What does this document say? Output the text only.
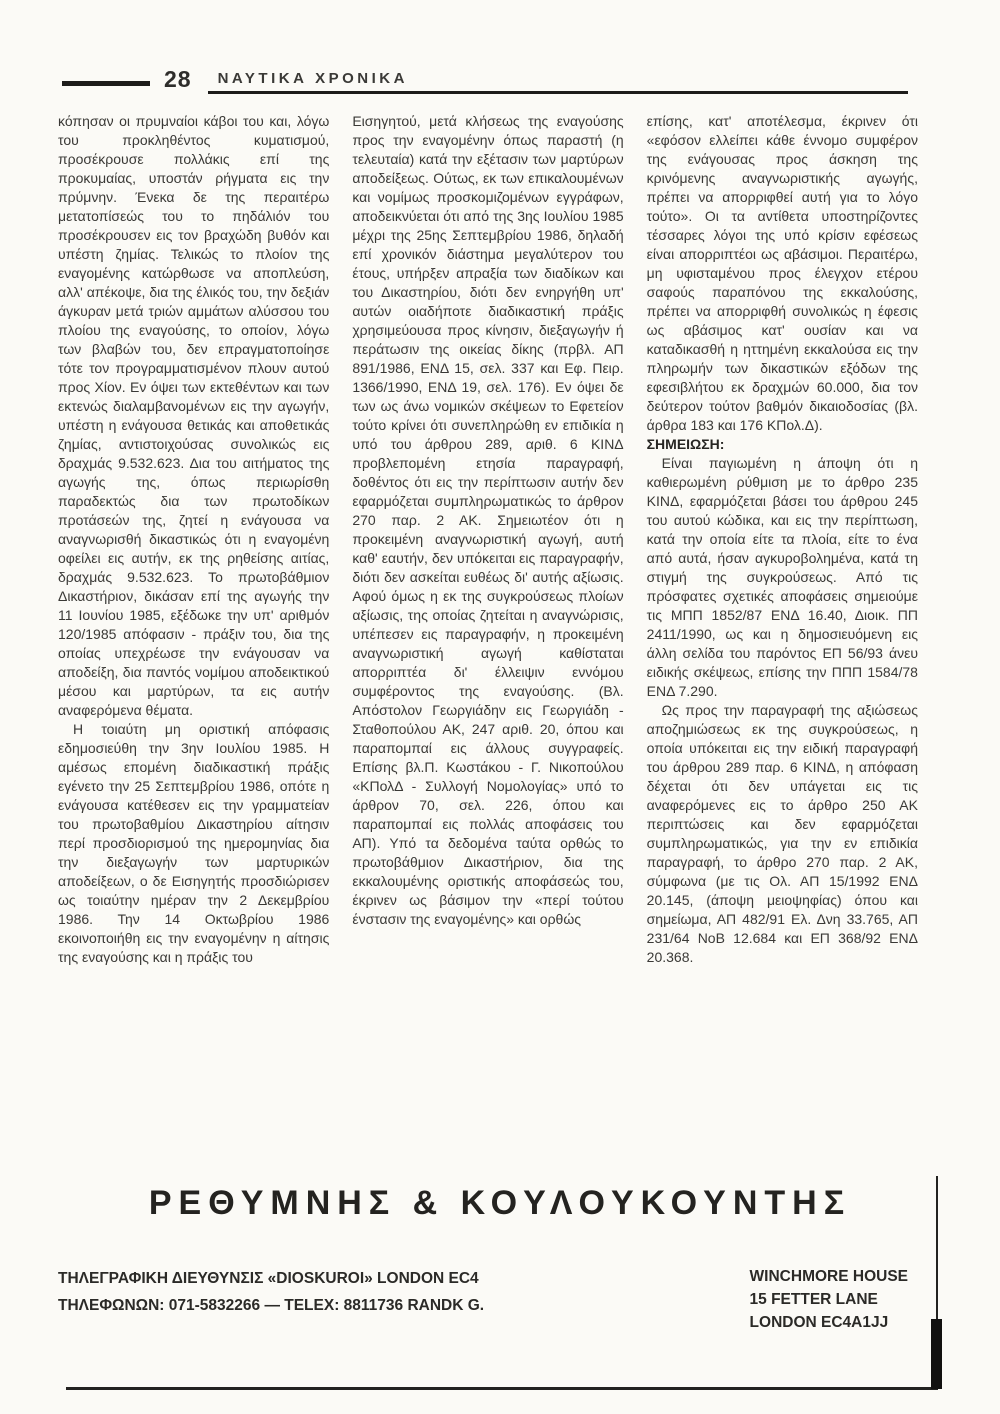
28	ΝΑΥΤΙΚΑ ΧΡΟΝΙΚΑ

κόπησαν οι πρυμναίοι κάβοι του και, λόγω του προκληθέντος κυματισμού, προσέκρουσε πολλάκις επί της προκυμαίας, υποστάν ρήγματα εις την πρύμνην. Ένεκα δε της περαιτέρω μετατοπίσεώς του το πηδάλιόν του προσέκρουσεν εις τον βραχώδη βυθόν και υπέστη ζημίας. Τελικώς το πλοίον της εναγομένης κατώρθωσε να αποπλεύση, αλλ' απέκοψε, δια της έλικός του, την δεξιάν άγκυραν μετά τριών αμμάτων αλύσσου του πλοίου της εναγούσης, το οποίον, λόγω των βλαβών του, δεν επραγματοποίησε τότε τον προγραμματισμένον πλουν αυτού προς Χίον. Εν όψει των εκτεθέντων και των εκτενώς διαλαμβανομένων εις την αγωγήν, υπέστη η ενάγουσα θετικάς και αποθετικάς ζημίας, αντιστοιχούσας συνολικώς εις δραχμάς 9.532.623. Δια του αιτήματος της αγωγής της, όπως περιωρίσθη παραδεκτώς δια των πρωτοδίκων προτάσεών της, ζητεί η ενάγουσα να αναγνωρισθή δικαστικώς ότι η εναγομένη οφείλει εις αυτήν, εκ της ρηθείσης αιτίας, δραχμάς 9.532.623. Το πρωτοβάθμιον Δικαστήριον, δικάσαν επί της αγωγής την 11 Ιουνίου 1985, εξέδωκε την υπ' αριθμόν 120/1985 απόφασιν - πράξιν του, δια της οποίας υπεχρέωσε την ενάγουσαν να αποδείξη, δια παντός νομίμου αποδεικτικού μέσου και μαρτύρων, τα εις αυτήν αναφερόμενα θέματα.

Η τοιαύτη μη οριστική απόφασις εδημοσιεύθη την 3ην Ιουλίου 1985. Η αμέσως επομένη διαδικαστική πράξις εγένετο την 25 Σεπτεμβρίου 1986, οπότε η ενάγουσα κατέθεσεν εις την γραμματείαν του πρωτοβαθμίου Δικαστηρίου αίτησιν περί προσδιορισμού της ημερομηνίας δια την διεξαγωγήν των μαρτυρικών αποδείξεων, ο δε Εισηγητής προσδιώρισεν ως τοιαύτην ημέραν την 2 Δεκεμβρίου 1986. Την 14 Οκτωβρίου 1986 εκοινοποιήθη εις την εναγομένην η αίτησις της εναγούσης και η πράξις του

Εισηγητού, μετά κλήσεως της εναγούσης προς την εναγομένην όπως παραστή (η τελευταία) κατά την εξέτασιν των μαρτύρων αποδείξεως. Ούτως, εκ των επικαλουμένων και νομίμως προσκομιζομένων εγγράφων, αποδεικνύεται ότι από της 3ης Ιουλίου 1985 μέχρι της 25ης Σεπτεμβρίου 1986, δηλαδή επί χρονικόν διάστημα μεγαλύτερον του έτους, υπήρξεν απραξία των διαδίκων και του Δικαστηρίου, διότι δεν ενηργήθη υπ' αυτών οιαδήποτε διαδικαστική πράξις χρησιμεύουσα προς κίνησιν, διεξαγωγήν ή περάτωσιν της οικείας δίκης (πρβλ. ΑΠ 891/1986, ΕΝΔ 15, σελ. 337 και Εφ. Πειρ. 1366/1990, ΕΝΔ 19, σελ. 176). Εν όψει δε των ως άνω νομικών σκέψεων το Εφετείον τούτο κρίνει ότι συνεπληρώθη εν επιδικία η υπό του άρθρου 289, αριθ. 6 ΚΙΝΔ προβλεπομένη ετησία παραγραφή, δοθέντος ότι εις την περίπτωσιν αυτήν δεν εφαρμόζεται συμπληρωματικώς το άρθρον 270 παρ. 2 ΑΚ. Σημειωτέον ότι η προκειμένη αναγνωριστική αγωγή, αυτή καθ' εαυτήν, δεν υπόκειται εις παραγραφήν, διότι δεν ασκείται ευθέως δι' αυτής αξίωσις. Αφού όμως η εκ της συγκρούσεως πλοίων αξίωσις, της οποίας ζητείται η αναγνώρισις, υπέπεσεν εις παραγραφήν, η προκειμένη αναγνωριστική αγωγή καθίσταται απορριπτέα δι' έλλειψιν εννόμου συμφέροντος της εναγούσης. (Βλ. Απόστολον Γεωργιάδην εις Γεωργιάδη - Σταθοπούλου ΑΚ, 247 αριθ. 20, όπου και παραπομπαί εις άλλους συγγραφείς. Επίσης βλ.Π. Κωστάκου - Γ. Νικοπούλου «ΚΠολΔ - Συλλογή Νομολογίας» υπό το άρθρον 70, σελ. 226, όπου και παραπομπαί εις πολλάς αποφάσεις του ΑΠ). Υπό τα δεδομένα ταύτα ορθώς το πρωτοβάθμιον Δικαστήριον, δια της εκκαλουμένης οριστικής αποφάσεώς του, έκρινεν ως βάσιμον την «περί τούτου ένστασιν της εναγομένης» και ορθώς

επίσης, κατ' αποτέλεσμα, έκρινεν ότι «εφόσον ελλείπει κάθε έννομο συμφέρον της ενάγουσας προς άσκηση της κρινόμενης αναγνωριστικής αγωγής, πρέπει να απορριφθεί αυτή για το λόγο τούτο». Οι τα αντίθετα υποστηρίζοντες τέσσαρες λόγοι της υπό κρίσιν εφέσεως είναι απορριπτέοι ως αβάσιμοι. Περαιτέρω, μη υφισταμένου προς έλεγχον ετέρου σαφούς παραπόνου της εκκαλούσης, πρέπει να απορριφθή συνολικώς η έφεσις ως αβάσιμος κατ' ουσίαν και να καταδικασθή η ηττημένη εκκαλούσα εις την πληρωμήν των δικαστικών εξόδων της εφεσιβλήτου εκ δραχμών 60.000, δια τον δεύτερον τούτον βαθμόν δικαιοδοσίας (βλ. άρθρα 183 και 176 ΚΠολ.Δ).

ΣΗΜΕΙΩΣΗ:

Είναι παγιωμένη η άποψη ότι η καθιερωμένη ρύθμιση με το άρθρο 235 ΚΙΝΔ, εφαρμόζεται βάσει του άρθρου 245 του αυτού κώδικα, και εις την περίπτωση, κατά την οποία είτε τα πλοία, είτε το ένα από αυτά, ήσαν αγκυροβολημένα, κατά τη στιγμή της συγκρούσεως. Από τις πρόσφατες σχετικές αποφάσεις σημειούμε τις ΜΠΠ 1852/87 ΕΝΔ 16.40, Διοικ. ΠΠ 2411/1990, ως και η δημοσιευόμενη εις άλλη σελίδα του παρόντος ΕΠ 56/93 άνευ ειδικής σκέψεως, επίσης την ΠΠΠ 1584/78 ΕΝΔ 7.290.

Ως προς την παραγραφή της αξιώσεως αποζημιώσεως εκ της συγκρούσεως, η οποία υπόκειται εις την ειδική παραγραφή του άρθρου 289 παρ. 6 ΚΙΝΔ, η απόφαση δέχεται ότι δεν υπάγεται εις τις αναφερόμενες εις το άρθρο 250 ΑΚ περιπτώσεις και δεν εφαρμόζεται συμπληρωματικώς, για την εν επιδικία παραγραφή, το άρθρο 270 παρ. 2 ΑΚ, σύμφωνα (με τις Ολ. ΑΠ 15/1992 ΕΝΔ 20.145, (άποψη μειοψηφίας) όπου και σημείωμα, ΑΠ 482/91 Ελ. Δνη 33.765, ΑΠ 231/64 ΝοΒ 12.684 και ΕΠ 368/92 ΕΝΔ 20.368.

ΡΕΘΥΜΝΗΣ & ΚΟΥΛΟΥΚΟΥΝΤΗΣ
ΤΗΛΕΓΡΑΦΙΚΗ ΔΙΕΥΘΥΝΣΙΣ «DIOSKUROI» LONDON EC4
ΤΗΛΕΦΩΝΩΝ: 071-5832266 — TELEX: 8811736 RANDK G.
WINCHMORE HOUSE
15 FETTER LANE
LONDON EC4A1JJ
